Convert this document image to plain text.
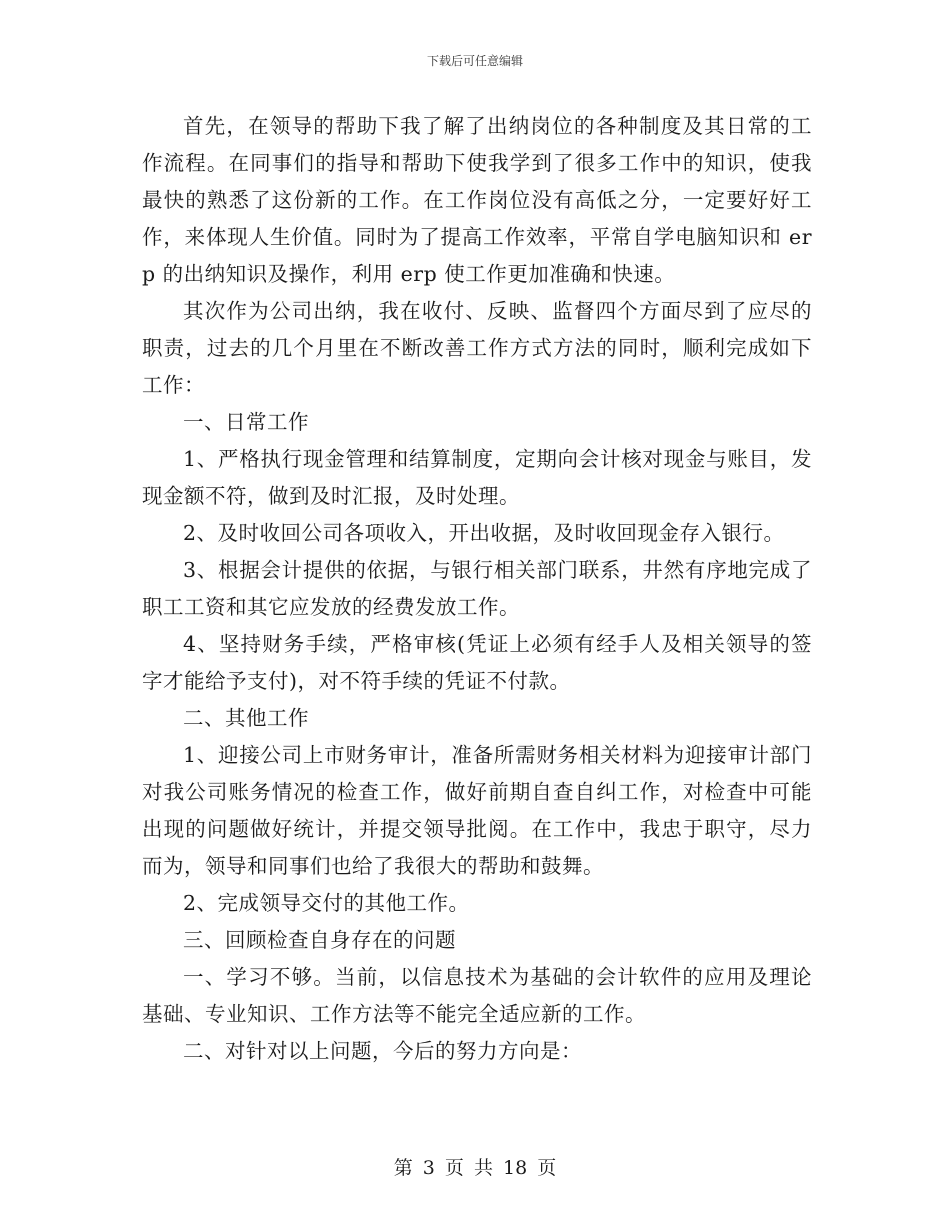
下载后可任意编辑

首先，在领导的帮助下我了解了出纳岗位的各种制度及其日常的工作流程。在同事们的指导和帮助下使我学到了很多工作中的知识，使我最快的熟悉了这份新的工作。在工作岗位没有高低之分，一定要好好工作，来体现人生价值。同时为了提高工作效率，平常自学电脑知识和 erp 的出纳知识及操作，利用 erp 使工作更加准确和快速。

其次作为公司出纳，我在收付、反映、监督四个方面尽到了应尽的职责，过去的几个月里在不断改善工作方式方法的同时，顺利完成如下工作：

一、日常工作

1、严格执行现金管理和结算制度，定期向会计核对现金与账目，发现金额不符，做到及时汇报，及时处理。

2、及时收回公司各项收入，开出收据，及时收回现金存入银行。

3、根据会计提供的依据，与银行相关部门联系，井然有序地完成了职工工资和其它应发放的经费发放工作。

4、坚持财务手续，严格审核(凭证上必须有经手人及相关领导的签字才能给予支付)，对不符手续的凭证不付款。

二、其他工作

1、迎接公司上市财务审计，准备所需财务相关材料为迎接审计部门对我公司账务情况的检查工作，做好前期自查自纠工作，对检查中可能出现的问题做好统计，并提交领导批阅。在工作中，我忠于职守，尽力而为，领导和同事们也给了我很大的帮助和鼓舞。

2、完成领导交付的其他工作。

三、回顾检查自身存在的问题

一、学习不够。当前，以信息技术为基础的会计软件的应用及理论基础、专业知识、工作方法等不能完全适应新的工作。

二、对针对以上问题，今后的努力方向是：

第 3 页 共 18 页
